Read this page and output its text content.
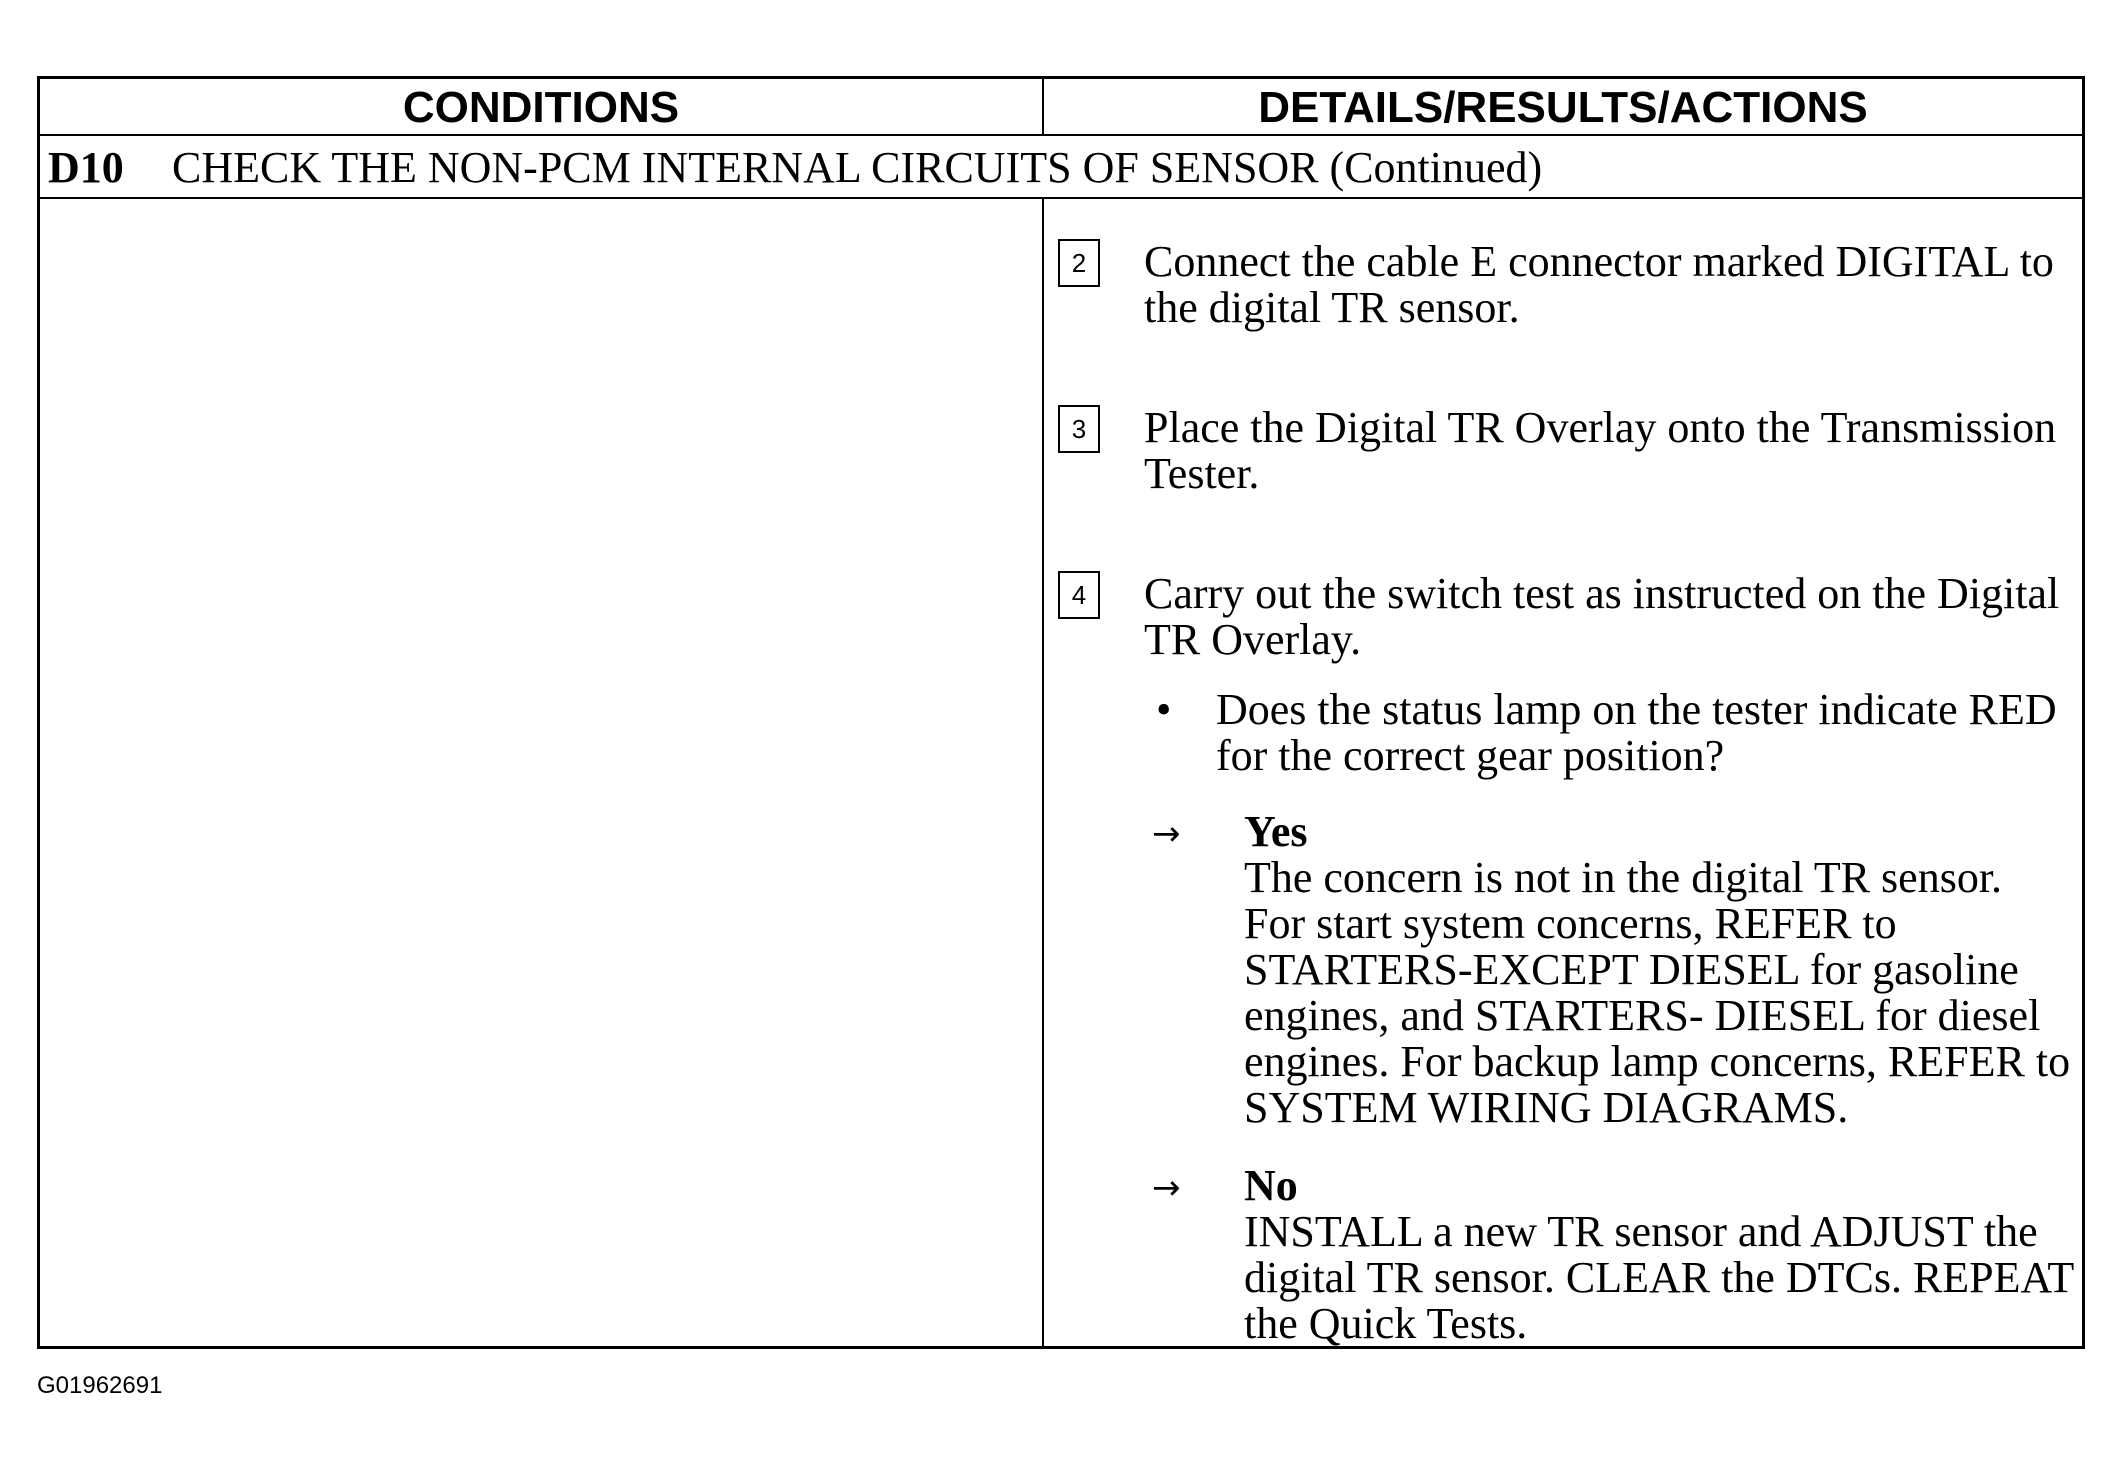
CONDITIONS	DETAILS/RESULTS/ACTIONS
D10 CHECK THE NON-PCM INTERNAL CIRCUITS OF SENSOR (Continued)
2	Connect the cable E connector marked DIGITAL to the digital TR sensor.
3	Place the Digital TR Overlay onto the Transmission Tester.
4	Carry out the switch test as instructed on the Digital TR Overlay.
• Does the status lamp on the tester indicate RED for the correct gear position?
→ Yes
The concern is not in the digital TR sensor. For start system concerns, REFER to STARTERS-EXCEPT DIESEL for gasoline engines, and STARTERS- DIESEL for diesel engines. For backup lamp concerns, REFER to SYSTEM WIRING DIAGRAMS.
→ No
INSTALL a new TR sensor and ADJUST the digital TR sensor. CLEAR the DTCs. REPEAT the Quick Tests.
G01962691
